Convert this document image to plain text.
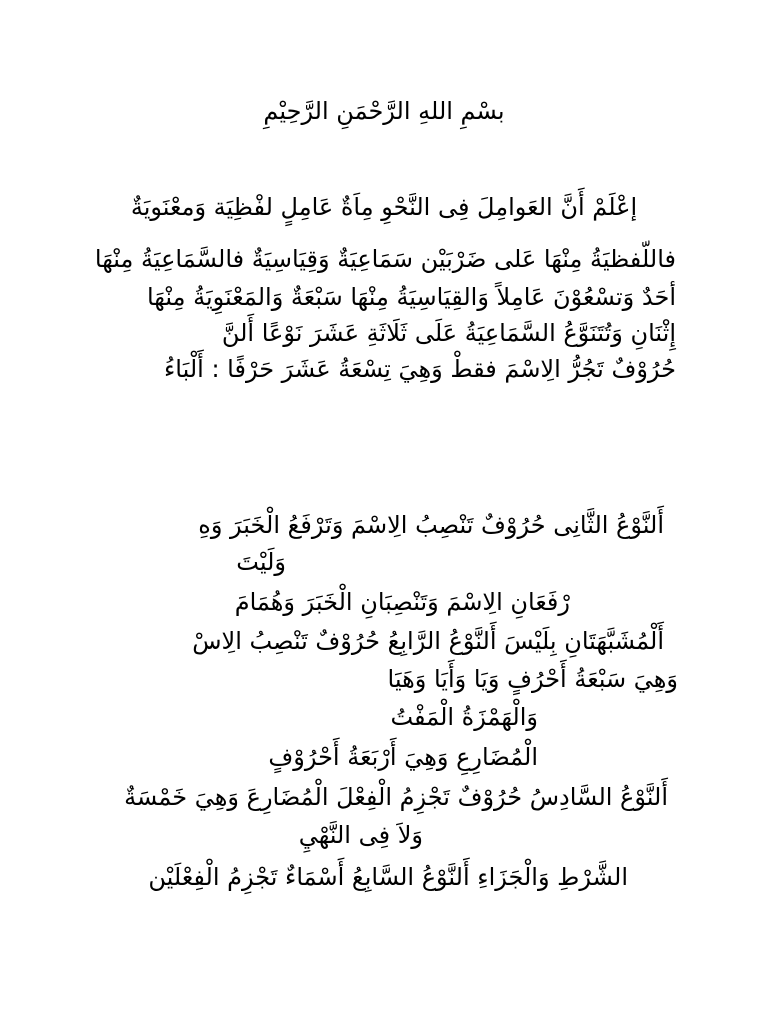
بسْمِ اللهِ الرَّحْمَنِ الرَّحِيْمِ

إعْلَمْ أَنَّ العَوامِلَ فِى النَّحْوِ مِاَةٌ عَامِلٍ لفْظِيَة وَمعْنَويَةٌ

فاللّفظيَةُ مِنْهَا عَلى ضَرْبَيْن سَمَاعِيَةٌ وَقِيَاسِيَةٌ فالسَّمَاعِيَةُ مِنْهَا

أحَدٌ وَتسْعُوْنَ عَامِلاً وَالقِيَاسِيَةُ مِنْهَا سَبْعَةٌ وَالمَعْنَوِيَةُ مِنْهَا

إِثْنَانِ وَتُتَنَوَّعُ السَّمَاعِيَةُ عَلَى ثَلَاثَةِ عَشَرَ نَوْعًا أَلنَّ

حُرُوْفٌ تَجُرُّ الِاسْمَ فقطْ وَهِيَ تِسْعَةُ عَشَرَ حَرْفًا : أَلْبَاءُ

أَلنَّوْعُ الثَّانِى حُرُوْفٌ تَنْصِبُ الِاسْمَ وَتَرْفَعُ الْخَبَرَ وَهِ

وَلَيْتَ

رْفَعَانِ الِاسْمَ وَتَنْصِبَانِ الْخَبَرَ وَهُمَامَ

أَلْمُشَبَّهَتَانِ بِلَيْسَ أَلنَّوْعُ الرَّابِعُ حُرُوْفٌ تَنْصِبُ الِاسْ

وَهِيَ سَبْعَةُ أَحْرُفٍ وَيَا وَأَيَا وَهَيَا

وَالْهَمْزَةُ الْمَفْتُ

الْمُضَارِعِ وَهِيَ أَرْبَعَةُ أَحْرُوْفٍ

أَلنَّوْعُ السَّادِسُ حُرُوْفٌ تَجْزِمُ الْفِعْلَ الْمُضَارِعَ وَهِيَ خَمْسَةٌ

وَلاَ فِى النَّهْيِ

الشَّرْطِ وَالْجَزَاءِ أَلنَّوْعُ السَّابِعُ أَسْمَاءٌ تَجْزِمُ الْفِعْلَيْن
